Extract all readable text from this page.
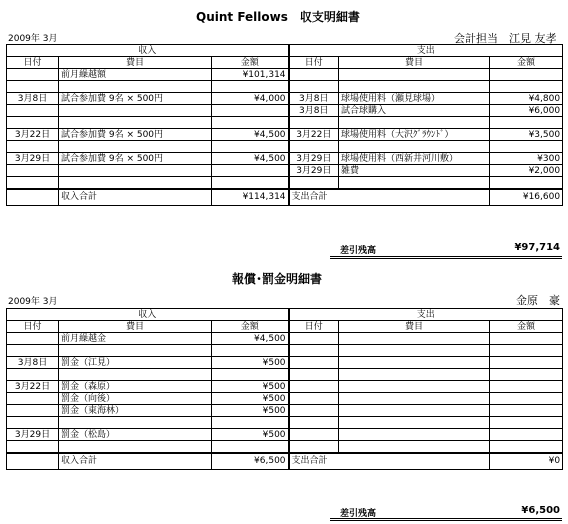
Quint Fellows　収支明細書
2009年 3月	会計担当　江見 友孝
収入			支出		
日付	費目	金額	日付	費目	金額
	前月繰越額	¥101,314			

3月8日	試合参加費 9名 × 500円	¥4,000	3月8日	球場使用料（瀬見球場）	¥4,800
			3月8日	試合球購入	¥6,000

3月22日	試合参加費 9名 × 500円	¥4,500	3月22日	球場使用料（大沢ｸﾞﾗｳﾝﾄﾞ）	¥3,500

3月29日	試合参加費 9名 × 500円	¥4,500	3月29日	球場使用料（西新井河川敷）	¥300
			3月29日	雑費	¥2,000

	収入合計	¥114,314	支出合計		¥16,600
差引残高	¥97,714
報償･罰金明細書
2009年 3月	金原　豪
収入			支出		
日付	費目	金額	日付	費目	金額
	前月繰越金	¥4,500			

3月8日	罰金（江見）	¥500			

3月22日	罰金（森原）	¥500			
	罰金（向後）	¥500			
	罰金（東海林）	¥500			

3月29日	罰金（松島）	¥500			

	収入合計	¥6,500	支出合計		¥0
差引残高	¥6,500
